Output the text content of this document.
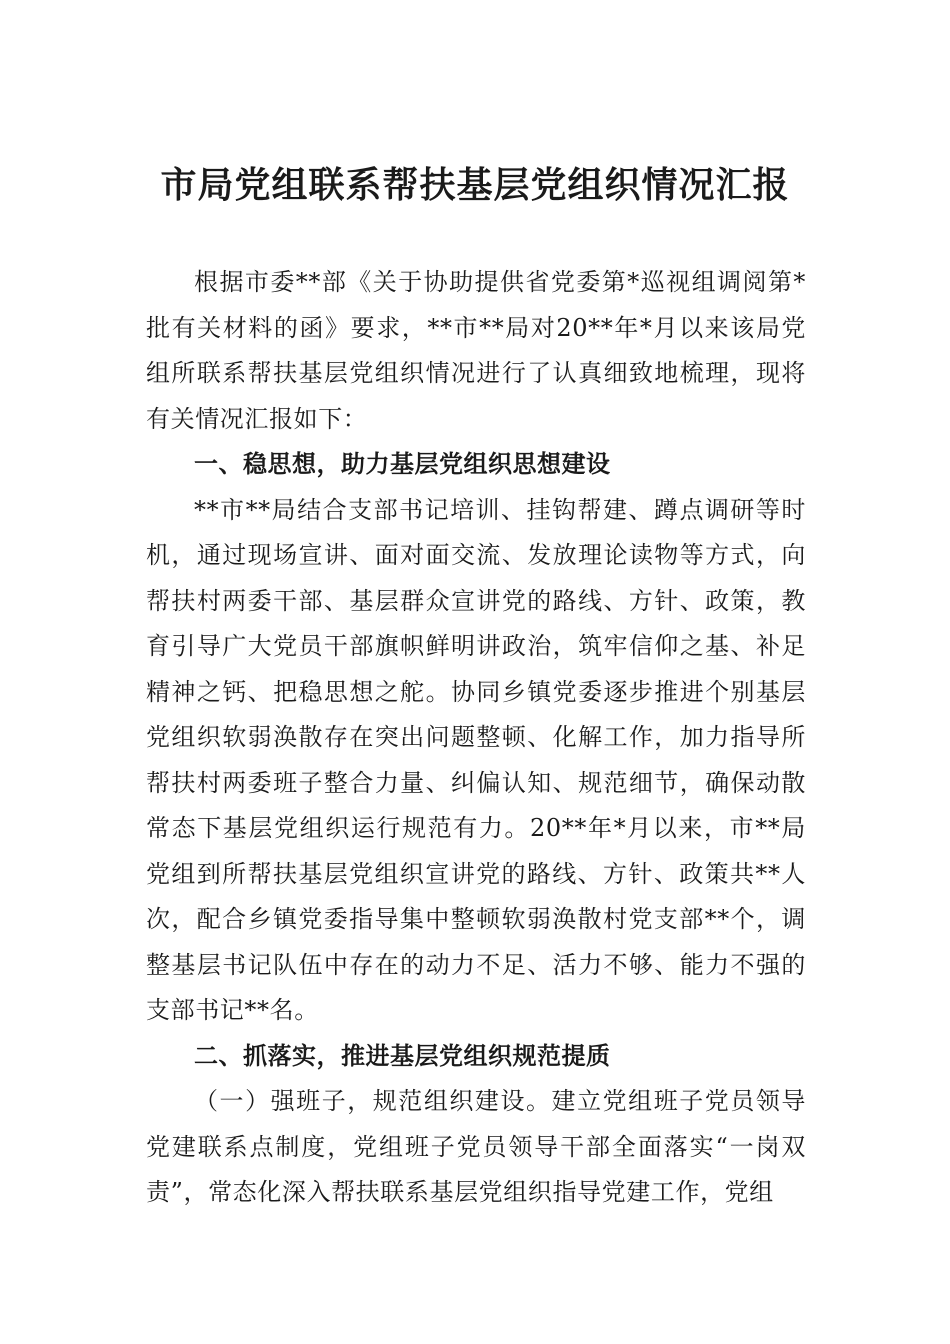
市局党组联系帮扶基层党组织情况汇报

根据市委**部《关于协助提供省党委第*巡视组调阅第*批有关材料的函》要求，**市**局对20**年*月以来该局党组所联系帮扶基层党组织情况进行了认真细致地梳理，现将有关情况汇报如下：

一、稳思想，助力基层党组织思想建设

**市**局结合支部书记培训、挂钩帮建、蹲点调研等时机，通过现场宣讲、面对面交流、发放理论读物等方式，向帮扶村两委干部、基层群众宣讲党的路线、方针、政策，教育引导广大党员干部旗帜鲜明讲政治，筑牢信仰之基、补足精神之钙、把稳思想之舵。协同乡镇党委逐步推进个别基层党组织软弱涣散存在突出问题整顿、化解工作，加力指导所帮扶村两委班子整合力量、纠偏认知、规范细节，确保动散常态下基层党组织运行规范有力。20**年*月以来，市**局党组到所帮扶基层党组织宣讲党的路线、方针、政策共**人次，配合乡镇党委指导集中整顿软弱涣散村党支部**个，调整基层书记队伍中存在的动力不足、活力不够、能力不强的支部书记**名。

二、抓落实，推进基层党组织规范提质

（一）强班子，规范组织建设。建立党组班子党员领导党建联系点制度，党组班子党员领导干部全面落实“一岗双责”，常态化深入帮扶联系基层党组织指导党建工作，党组
